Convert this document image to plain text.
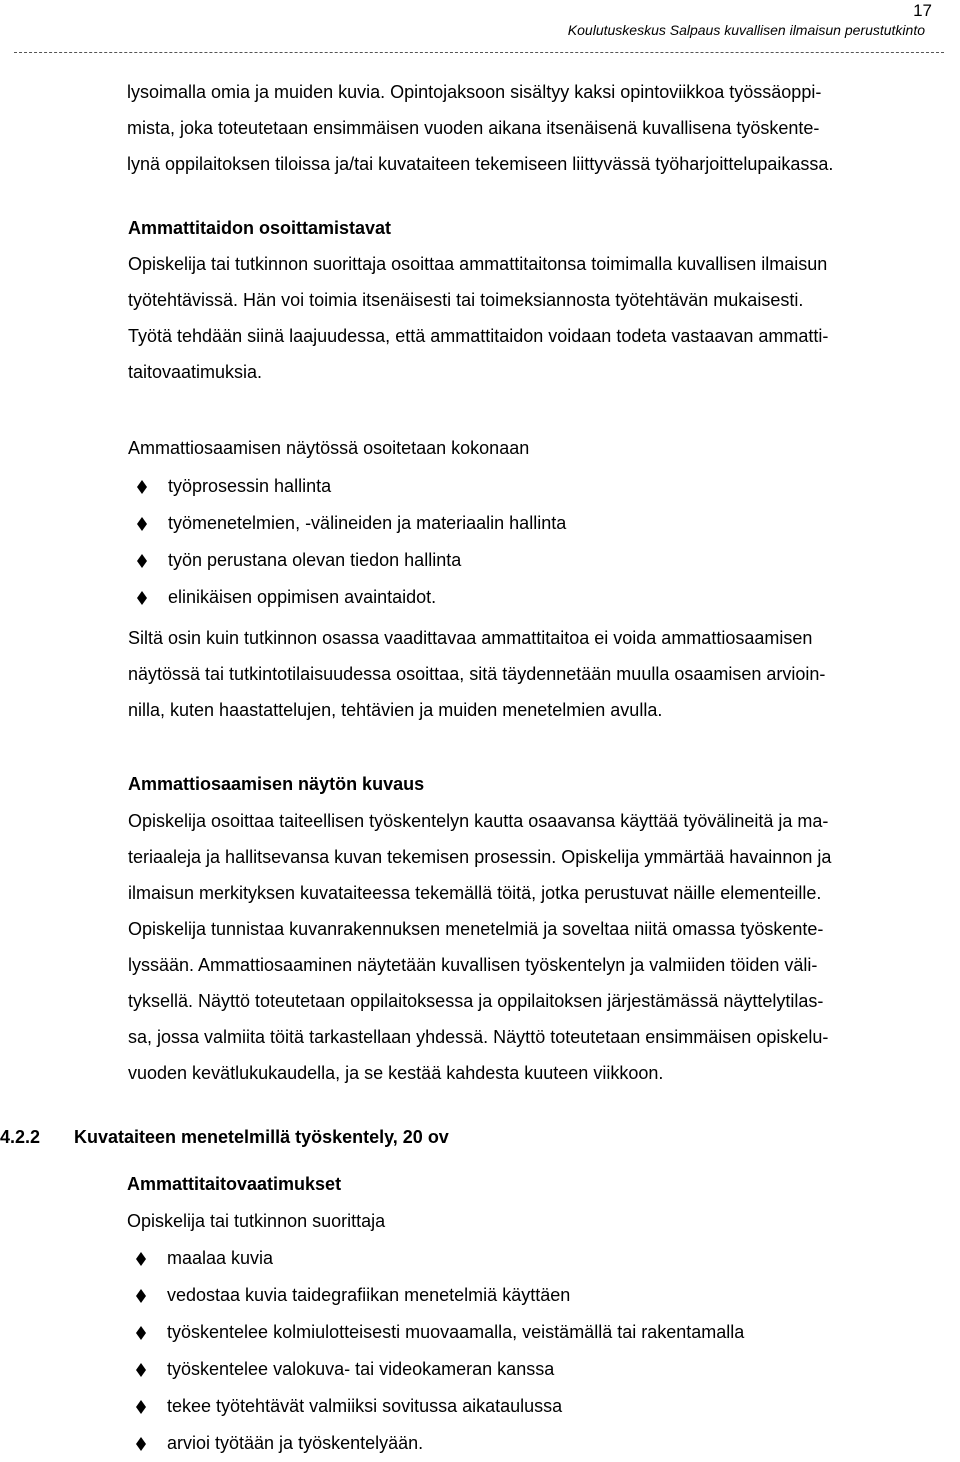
17
Koulutuskeskus Salpaus kuvallisen ilmaisun perustutkinto
lysoimalla omia ja muiden kuvia. Opintojaksoon sisältyy kaksi opintoviikkoa työssäoppi-
mista, joka toteutetaan ensimmäisen vuoden aikana itsenäisenä kuvallisena työskente-
lynä oppilaitoksen tiloissa ja/tai kuvataiteen tekemiseen liittyvässä työharjoittelupaikassa.
Ammattitaidon osoittamistavat
Opiskelija tai tutkinnon suorittaja osoittaa ammattitaitonsa toimimalla kuvallisen ilmaisun
työtehtävissä. Hän voi toimia itsenäisesti tai toimeksiannosta työtehtävän mukaisesti.
Työtä tehdään siinä laajuudessa, että ammattitaidon voidaan todeta vastaavan ammatti-
taitovaatimuksia.
Ammattiosaamisen näytössä osoitetaan kokonaan
työprosessin hallinta
työmenetelmien, -välineiden ja materiaalin hallinta
työn perustana olevan tiedon hallinta
elinikäisen oppimisen avaintaidot.
Siltä osin kuin tutkinnon osassa vaadittavaa ammattitaitoa ei voida ammattiosaamisen
näytössä tai tutkintotilaisuudessa osoittaa, sitä täydennetään muulla osaamisen arvioin-
nilla, kuten haastattelujen, tehtävien ja muiden menetelmien avulla.
Ammattiosaamisen näytön kuvaus
Opiskelija osoittaa taiteellisen työskentelyn kautta osaavansa käyttää työvälineitä ja ma-
teriaaleja ja hallitsevansa kuvan tekemisen prosessin. Opiskelija ymmärtää havainnon ja
ilmaisun merkityksen kuvataiteessa tekemällä töitä, jotka perustuvat näille elementeille.
Opiskelija tunnistaa kuvanrakennuksen menetelmiä ja soveltaa niitä omassa työskente-
lyssään. Ammattiosaaminen näytetään kuvallisen työskentelyn ja valmiiden töiden väli-
tyksellä. Näyttö toteutetaan oppilaitoksessa ja oppilaitoksen järjestämässä näyttelytilas-
sa, jossa valmiita töitä tarkastellaan yhdessä. Näyttö toteutetaan ensimmäisen opiskelu-
vuoden kevätlukukaudella, ja se kestää kahdesta kuuteen viikkoon.
4.2.2 Kuvataiteen menetelmillä työskentely, 20 ov
Ammattitaitovaatimukset
Opiskelija tai tutkinnon suorittaja
maalaa kuvia
vedostaa kuvia taidegrafiikan menetelmiä käyttäen
työskentelee kolmiulotteisesti muovaamalla, veistämällä tai rakentamalla
työskentelee valokuva- tai videokameran kanssa
tekee työtehtävät valmiiksi sovitussa aikataulussa
arvioi työtään ja työskentelyään.
